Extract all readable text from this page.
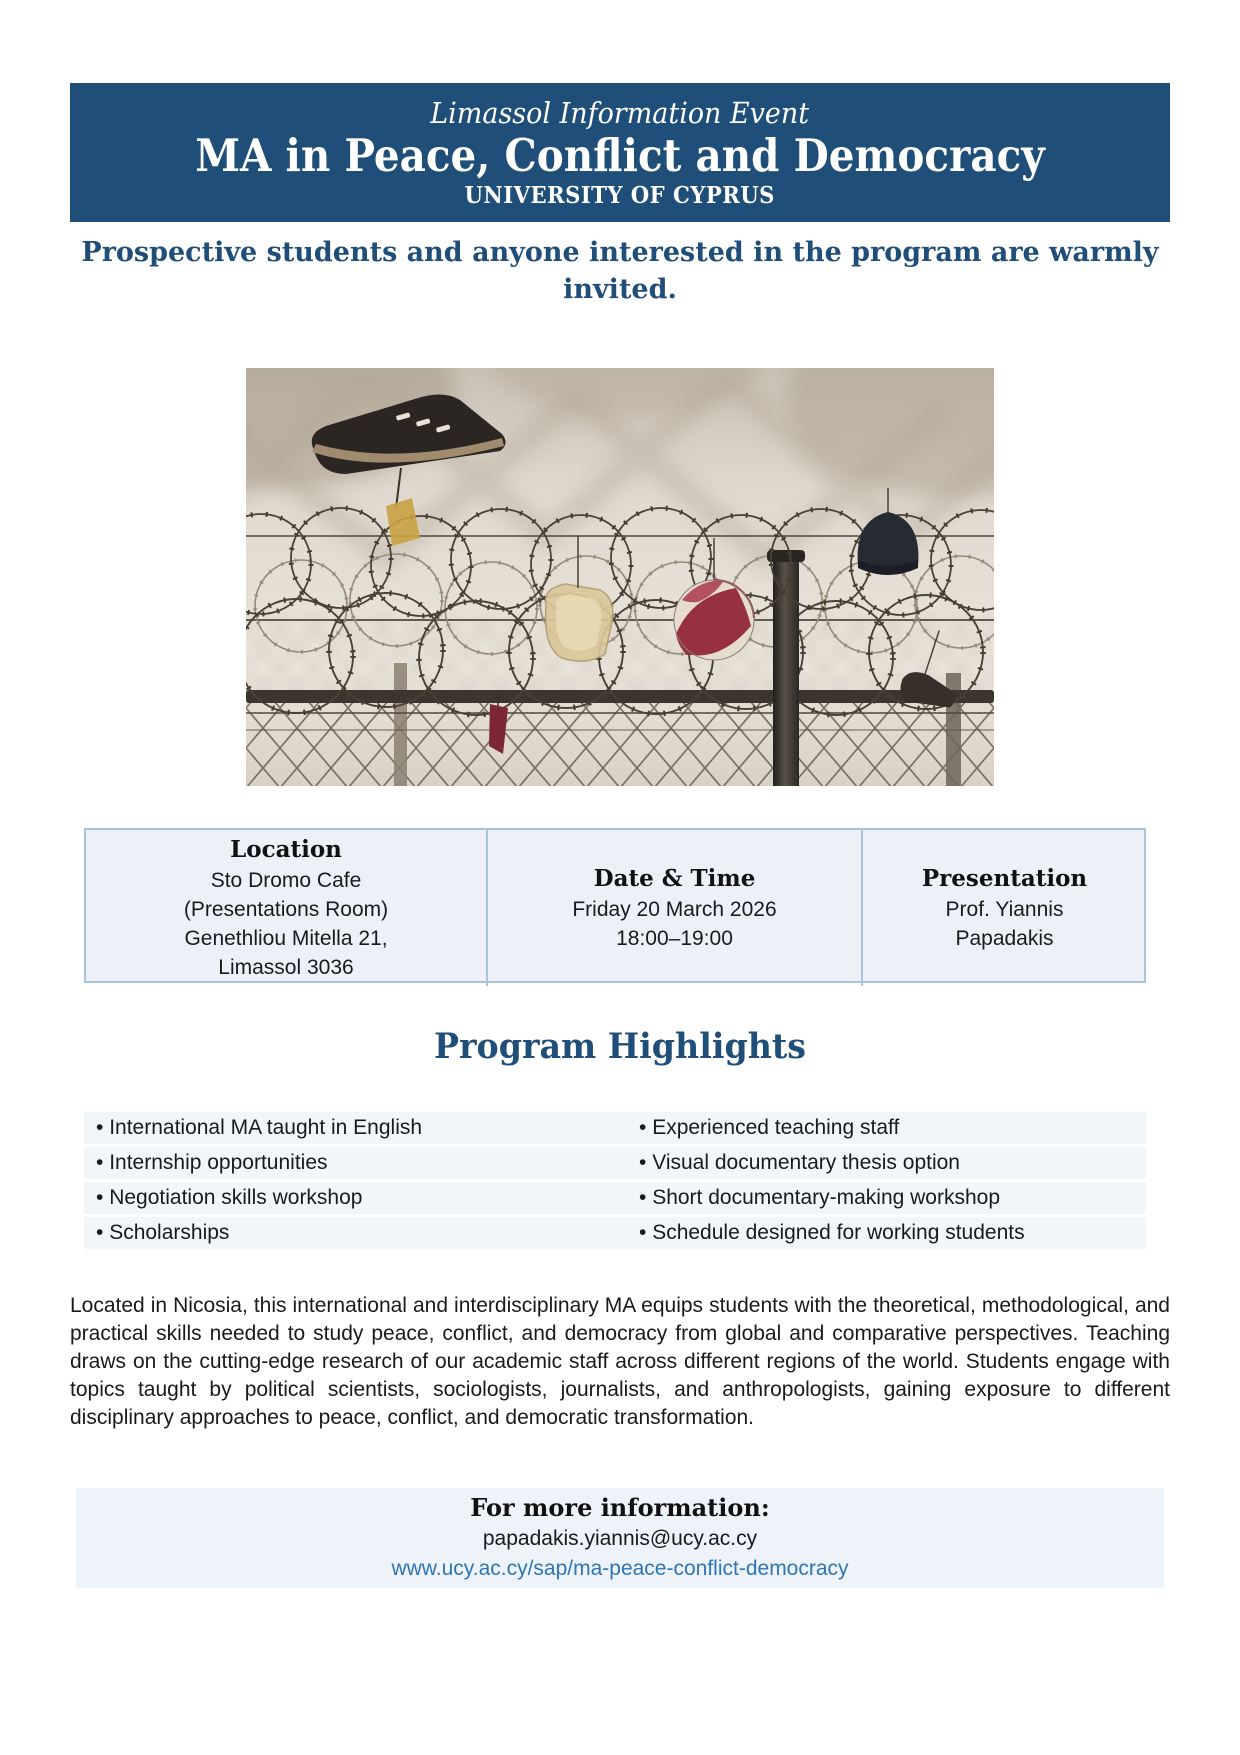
Limassol Information Event
MA in Peace, Conflict and Democracy
UNIVERSITY OF CYPRUS
Prospective students and anyone interested in the program are warmly
invited.
Location
Sto Dromo Cafe
(Presentations Room)
Genethliou Mitella 21,
Limassol 3036
Date & Time
Friday 20 March 2026
18:00–19:00
Presentation
Prof. Yiannis
Papadakis
Program Highlights
• International MA taught in English	• Experienced teaching staff
• Internship opportunities	• Visual documentary thesis option
• Negotiation skills workshop	• Short documentary-making workshop
• Scholarships	• Schedule designed for working students
Located in Nicosia, this international and interdisciplinary MA equips students with the theoretical, methodological, and practical skills needed to study peace, conflict, and democracy from global and comparative perspectives. Teaching draws on the cutting-edge research of our academic staff across different regions of the world. Students engage with topics taught by political scientists, sociologists, journalists, and anthropologists, gaining exposure to different disciplinary approaches to peace, conflict, and democratic transformation.
For more information:
papadakis.yiannis@ucy.ac.cy
www.ucy.ac.cy/sap/ma-peace-conflict-democracy
